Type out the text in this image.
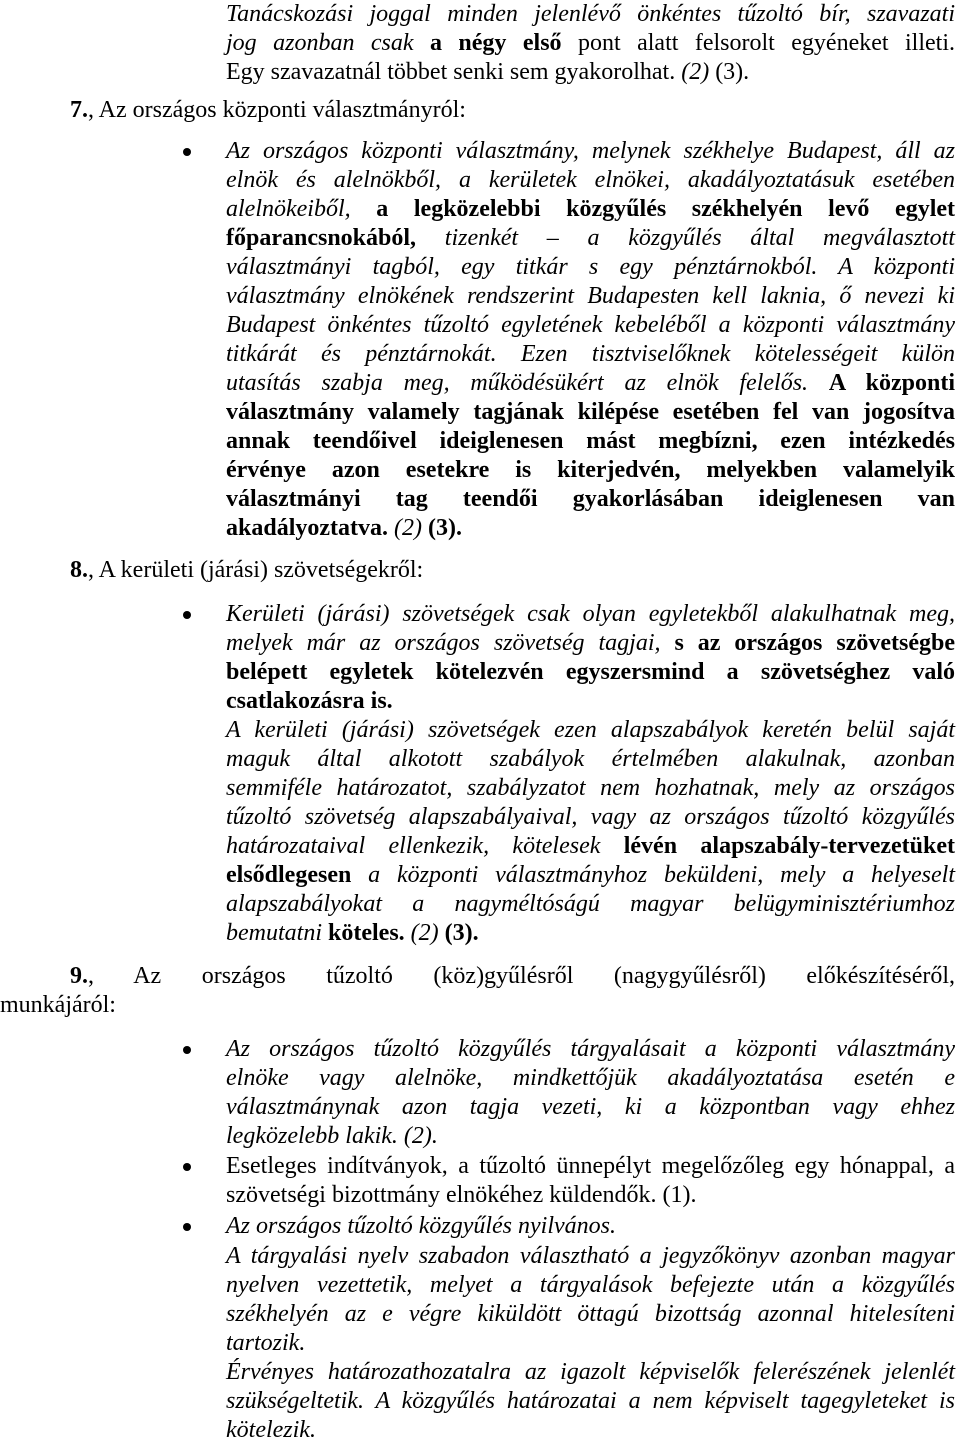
Tanácskozási joggal minden jelenlévő önkéntes tűzoltó bír, szavazati
jog azonban csak a négy első pont alatt felsorolt egyéneket illeti.
Egy szavazatnál többet senki sem gyakorolhat. (2) (3).
7., Az országos központi választmányról:
Az országos központi választmány, melynek székhelye Budapest, áll az
elnök és alelnökből, a kerületek elnökei, akadályoztatásuk esetében
alelnökeiből, a legközelebbi közgyűlés székhelyén levő egylet
főparancsnokából, tizenkét – a közgyűlés által megválasztott
választmányi tagból, egy titkár s egy pénztárnokból. A központi
választmány elnökének rendszerint Budapesten kell laknia, ő nevezi ki
Budapest önkéntes tűzoltó egyletének kebeléből a központi választmány
titkárát és pénztárnokát. Ezen tisztviselőknek kötelességeit külön
utasítás szabja meg, működésükért az elnök felelős. A központi
választmány valamely tagjának kilépése esetében fel van jogosítva
annak teendőivel ideiglenesen mást megbízni, ezen intézkedés
érvénye azon esetekre is kiterjedvén, melyekben valamelyik
választmányi tag teendői gyakorlásában ideiglenesen van
akadályoztatva. (2) (3).
8., A kerületi (járási) szövetségekről:
Kerületi (járási) szövetségek csak olyan egyletekből alakulhatnak meg,
melyek már az országos szövetség tagjai, s az országos szövetségbe
belépett egyletek kötelezvén egyszersmind a szövetséghez való
csatlakozásra is.
A kerületi (járási) szövetségek ezen alapszabályok keretén belül saját
maguk által alkotott szabályok értelmében alakulnak, azonban
semmiféle határozatot, szabályzatot nem hozhatnak, mely az országos
tűzoltó szövetség alapszabályaival, vagy az országos tűzoltó közgyűlés
határozataival ellenkezik, kötelesek lévén alapszabály-tervezetüket
elsődlegesen a központi választmányhoz beküldeni, mely a helyeselt
alapszabályokat a nagyméltóságú magyar belügyminisztériumhoz
bemutatni köteles. (2) (3).
9., Az országos tűzoltó (köz)gyűlésről (nagygyűlésről) előkészítéséről,
munkájáról:
Az országos tűzoltó közgyűlés tárgyalásait a központi választmány
elnöke vagy alelnöke, mindkettőjük akadályoztatása esetén e
választmánynak azon tagja vezeti, ki a központban vagy ehhez
legközelebb lakik. (2).
Esetleges indítványok, a tűzoltó ünnepélyt megelőzőleg egy hónappal, a
szövetségi bizottmány elnökéhez küldendők. (1).
Az országos tűzoltó közgyűlés nyilvános.
A tárgyalási nyelv szabadon választható a jegyzőkönyv azonban magyar
nyelven vezettetik, melyet a tárgyalások befejezte után a közgyűlés
székhelyén az e végre kiküldött öttagú bizottság azonnal hitelesíteni
tartozik.
Érvényes határozathozatalra az igazolt képviselők felerészének jelenlét
szükségeltetik. A közgyűlés határozatai a nem képviselt tagegyleteket is
kötelezik.
